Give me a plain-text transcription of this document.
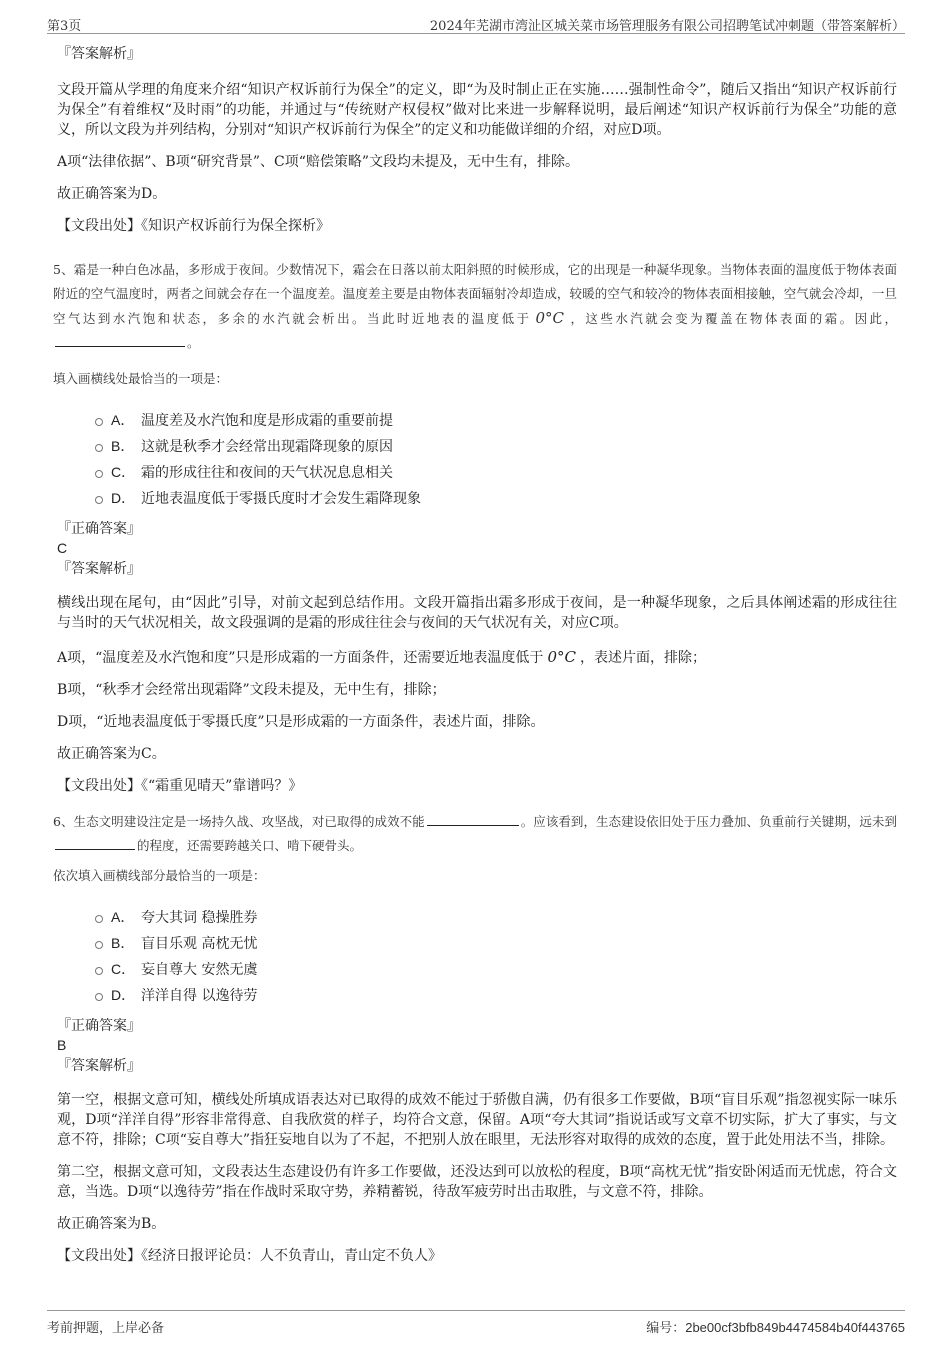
第3页	2024年芜湖市湾沚区城关菜市场管理服务有限公司招聘笔试冲刺题（带答案解析）

『答案解析』

文段开篇从学理的角度来介绍“知识产权诉前行为保全”的定义，即“为及时制止正在实施……强制性命令”，随后又指出“知识产权诉前行为保全”有着维权“及时雨”的功能，并通过与“传统财产权侵权”做对比来进一步解释说明，最后阐述“知识产权诉前行为保全”功能的意义，所以文段为并列结构，分别对“知识产权诉前行为保全”的定义和功能做详细的介绍，对应D项。

A项“法律依据”、B项“研究背景”、C项“赔偿策略”文段均未提及，无中生有，排除。

故正确答案为D。

【文段出处】《知识产权诉前行为保全探析》

5、霜是一种白色冰晶，多形成于夜间。少数情况下，霜会在日落以前太阳斜照的时候形成，它的出现是一种凝华现象。当物体表面的温度低于物体表面附近的空气温度时，两者之间就会存在一个温度差。温度差主要是由物体表面辐射冷却造成，较暖的空气和较冷的物体表面相接触，空气就会冷却，一旦空气达到水汽饱和状态，多余的水汽就会析出。当此时近地表的温度低于 0°C ，这些水汽就会变为覆盖在物体表面的霜。因此，。

填入画横线处最恰当的一项是：

A． 温度差及水汽饱和度是形成霜的重要前提
B． 这就是秋季才会经常出现霜降现象的原因
C． 霜的形成往往和夜间的天气状况息息相关
D． 近地表温度低于零摄氏度时才会发生霜降现象

『正确答案』

C

『答案解析』

横线出现在尾句，由“因此”引导，对前文起到总结作用。文段开篇指出霜多形成于夜间，是一种凝华现象，之后具体阐述霜的形成往往与当时的天气状况相关，故文段强调的是霜的形成往往会与夜间的天气状况有关，对应C项。

A项，“温度差及水汽饱和度”只是形成霜的一方面条件，还需要近地表温度低于 0°C ，表述片面，排除；

B项，“秋季才会经常出现霜降”文段未提及，无中生有，排除；

D项，“近地表温度低于零摄氏度”只是形成霜的一方面条件，表述片面，排除。

故正确答案为C。

【文段出处】《“霜重见晴天”靠谱吗？》

6、生态文明建设注定是一场持久战、攻坚战，对已取得的成效不能	。应该看到，生态建设依旧处于压力叠加、负重前行关键期，远未到的程度，还需要跨越关口、啃下硬骨头。

依次填入画横线部分最恰当的一项是：

A． 夸大其词 稳操胜券
B． 盲目乐观 高枕无忧
C． 妄自尊大 安然无虞
D． 洋洋自得 以逸待劳

『正确答案』

B

『答案解析』

第一空，根据文意可知，横线处所填成语表达对已取得的成效不能过于骄傲自满，仍有很多工作要做，B项“盲目乐观”指忽视实际一味乐观，D项“洋洋自得”形容非常得意、自我欣赏的样子，均符合文意，保留。A项“夸大其词”指说话或写文章不切实际，扩大了事实，与文意不符，排除；C项“妄自尊大”指狂妄地自以为了不起，不把别人放在眼里，无法形容对取得的成效的态度，置于此处用法不当，排除。

第二空，根据文意可知，文段表达生态建设仍有许多工作要做，还没达到可以放松的程度，B项“高枕无忧”指安卧闲适而无忧虑，符合文意，当选。D项“以逸待劳”指在作战时采取守势，养精蓄锐，待敌军疲劳时出击取胜，与文意不符，排除。

故正确答案为B。

【文段出处】《经济日报评论员：人不负青山，青山定不负人》

考前押题，上岸必备	编号：2be00cf3bfb849b4474584b40f443765
